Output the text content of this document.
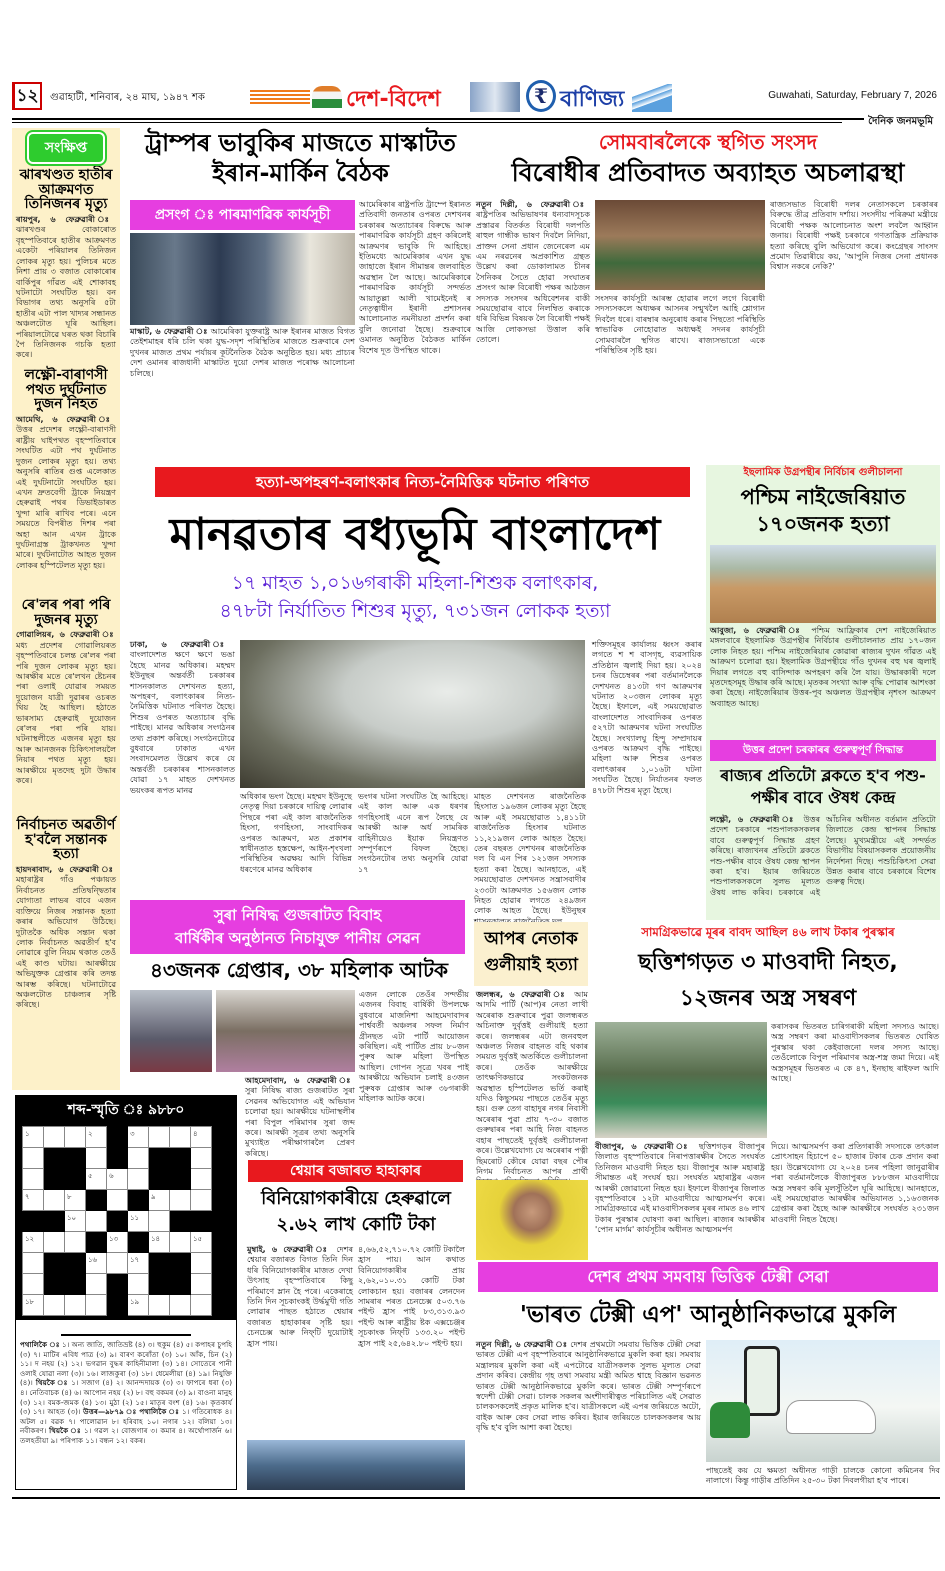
১২	গুৱাহাটী, শনিবাৰ, ২৪ মাঘ, ১৯৪৭ শক	দেশ-বিদেশ	₹ বাণিজ্য	Guwahati, Saturday, February 7, 2026
দৈনিক জনমভূমি
সংক্ষিপ্ত
ঝাৰখণ্ডত হাতীৰ আক্ৰমণত তিনিজনৰ মৃত্যু
ৰায়পুৰ, ৬ ফেব্ৰুৱাৰী ঃ ঝাৰখণ্ডৰ বোকাৰোত বৃহস্পতিবাৰে হাতীৰ আক্ৰমণত একেটা পৰিয়ালৰ তিনিজন লোকৰ মৃত্যু হয়। পুলিচৰ মতে নিশা প্ৰায় ৩ বজাত বোকাৰোৰ বাৰ্কিপুৰ গাঁৱত এই শোকাবহ ঘটনাটো সংঘটিত হয়। বন বিভাগৰ তথ্য অনুসৰি ৫টা হাতীৰ এটা পাল খাদ্যৰ সন্ধানত অঞ্চলটোত ঘূৰি আছিল। পৰিয়ালটোৱে ঘৰত থকা বিচাৰি পৈ তিনিজনক গচকি হত্যা কৰে।
লক্ষ্ণৌ-বাৰাণসী পথত দুৰ্ঘটনাত দুজন নিহত
আমেথি, ৬ ফেব্ৰুৱাৰী ঃ উত্তৰ প্ৰদেশৰ লক্ষ্ণৌ-বাৰাণসী ৰাষ্ট্ৰীয় ঘাইপথত বৃহস্পতিবাৰে সংঘটিত এটা পথ দুৰ্ঘটনাত দুজন লোকৰ মৃত্যু হয়। তথ্য অনুসৰি ৰাতিৰ গুপ্ত এলেকাত এই দুৰ্ঘটনাটো সংঘটিত হয়। এখন দ্ৰুতবেগী ট্ৰাকে নিয়ন্ত্ৰণ হেৰুৱাই পথৰ ডিভাইডাৰত খুন্দা মাৰি ৰাখিব পৰে। এনে সময়তে বিপৰীত দিশৰ পৰা অহা আন এখন ট্ৰাকে দুৰ্ঘটনাগ্ৰস্ত ট্ৰাকখনত খুন্দা মাৰে। দুৰ্ঘটনাটোত আহত দুজন লোকৰ হস্পিটেলত মৃত্যু হয়।
ৰে'লৰ পৰা পৰি দুজনৰ মৃত্যু
গোৱালিয়ৰ, ৬ ফেব্ৰুৱাৰী ঃ মধ্য প্ৰদেশৰ গোৱালিয়ৰত বৃহস্পতিবাৰে চলন্ত ৰে'লৰ পৰা পৰি দুজন লোকৰ মৃত্যু হয়। আৰক্ষীৰ মতে ৰে'লখন ষ্টেচনৰ পৰা ওলাই যোৱাৰ সময়ত দুয়োজন যাত্ৰী দুৱাৰৰ ওচৰত থিয় হৈ আছিল। হঠাতে ভাৰসাম্য হেৰুৱাই দুয়োজন ৰে'লৰ পৰা পৰি যায়। ঘটনাস্থলীতে এজনৰ মৃত্যু হয় আৰু আনজনক চিকিৎসালয়লৈ নিয়াৰ পথত মৃত্যু হয়। আৰক্ষীয়ে মৃতদেহ দুটা উদ্ধাৰ কৰে।
নিৰ্বাচনত অৱতীৰ্ণ হ'বলৈ সন্তানক হত্যা
হায়দৰাবাদ, ৬ ফেব্ৰুৱাৰী ঃ মহাৰাষ্ট্ৰৰ গাঁও পঞ্চায়ত নিৰ্বাচনত প্ৰতিদ্বন্দ্বিতাৰ যোগ্যতা লাভৰ বাবে এজন ব্যক্তিয়ে নিজৰ সন্তানক হত্যা কৰাৰ অভিযোগ উঠিছে। দুটাতকৈ অধিক সন্তান থকা লোক নিৰ্বাচনত অৱতীৰ্ণ হ'ব নোৱাৰে বুলি নিয়ম থকাত তেওঁ এই কাণ্ড ঘটায়। আৰক্ষীয়ে অভিযুক্তক গ্ৰেপ্তাৰ কৰি তদন্ত আৰম্ভ কৰিছে। ঘটনাটোৱে অঞ্চলটোত চাঞ্চল্যৰ সৃষ্টি কৰিছে।
ট্ৰাম্পৰ ভাবুকিৰ মাজতে মাস্কাটত ইৰান-মাৰ্কিন বৈঠক
প্ৰসংগ ঃ পাৰমাণৱিক কাৰ্যসূচী
মাস্কাট, ৬ ফেব্ৰুৱাৰী ঃ আমেৰিকা যুক্তৰাষ্ট্ৰ আৰু ইৰানৰ মাজত বিগত তেইশমাহৰ ধৰি চলি থকা যুদ্ধ-সদৃশ পৰিস্থিতিৰ মাজতে শুক্ৰবাৰে দেশ দুখনৰ মাজত প্ৰথম পৰ্যায়ৰ কূটনৈতিক বৈঠক অনুষ্ঠিত হয়। মধ্য প্ৰাচ্যৰ দেশ ওমানৰ ৰাজধানী মাস্কাটত দুয়ো দেশৰ মাজত পৰোক্ষ আলোচনা চলিছে।
আমেৰিকাৰ ৰাষ্ট্ৰপতি ট্ৰাম্পে ইৰানত প্ৰতিবাদী জনতাৰ ওপৰত দেশখনৰ চৰকাৰৰ অত্যাচাৰৰ বিৰুদ্ধে আৰু পাৰমাণৱিক কাৰ্যসূচী গ্ৰহণ কৰিলেই আক্ৰমণৰ ভাবুকি দি আহিছে। ইতিমধ্যে আমেৰিকাৰ এখন যুদ্ধ জাহাজে ইৰান সীমান্তৰ জলবাহিত অৱস্থান লৈ আছে। আমেৰিকাৰে পাৰমাণৱিক কাৰ্যসূচী সন্দৰ্ভত আয়াতুল্লা আলী খামেইনেই ৰ নেতৃত্বাধীন ইৰানী প্ৰশাসনৰ আলোচনাত নমনীয়তা প্ৰদৰ্শন কৰা বুলি জনোৱা হৈছে। শুক্ৰবাৰে ওমানত অনুষ্ঠিত বৈঠকত মাৰ্কিন বিশেষ দূত উপস্থিত থাকে।
সোমবাৰলৈকে স্থগিত সংসদ
বিৰোধীৰ প্ৰতিবাদত অব্যাহত অচলাৱস্থা
নতুন দিল্লী, ৬ ফেব্ৰুৱাৰী ঃ ৰাষ্ট্ৰপতিৰ অভিভাষণৰ ধন্যবাদসূচক প্ৰস্তাৱৰ বিতৰ্কত বিৰোধী দলপতি ৰাহুল গান্ধীক ভাষণ দিবলৈ নিদিয়া, প্ৰাক্তন সেনা প্ৰধান জেনেৰেল এম এম নৰৱনেৰ অপ্ৰকাশিত গ্ৰন্থত উল্লেখ কৰা ডোকালামত চীনৰ সৈনিকৰ সৈতে হোৱা সংঘাতৰ প্ৰসংগ আৰু বিৰোধী পক্ষৰ আঠজন সদস্যক সংসদৰ অধিবেশনৰ বাকী সময়ছোৱাৰ বাবে নিলম্বিত কৰাকে ধৰি বিভিন্ন বিষয়ক লৈ বিৰোধী পক্ষই আজি লোকসভা উত্তাল কৰি তোলে।
সংসদৰ কাৰ্যসূচী আৰম্ভ হোৱাৰ লগে লগে বিৰোধী সদস্যসকলে অধ্যক্ষৰ আসনৰ সন্মুখলৈ আহি শ্লোগান দিবলৈ ধৰে। বাৰম্বাৰ অনুৰোধ কৰাৰ পিছতো পৰিস্থিতি স্বাভাৱিক নোহোৱাত অধ্যক্ষই সদনৰ কাৰ্যসূচী সোমবাৰলৈ স্থগিত ৰাখে। ৰাজ্যসভাতো একে পৰিস্থিতিৰ সৃষ্টি হয়।
ৰাজ্যসভাত বিৰোধী দলৰ নেতাসকলে চৰকাৰৰ বিৰুদ্ধে তীব্ৰ প্ৰতিবাদ দৰ্শায়। সংসদীয় পৰিক্ৰমা মন্ত্ৰীয়ে বিৰোধী পক্ষক আলোচনাত অংশ লবলৈ আহ্বান জনায়। বিৰোধী পক্ষই চৰকাৰে গণতান্ত্ৰিক প্ৰক্ৰিয়াক হত্যা কৰিছে বুলি অভিযোগ কৰে। কংগ্ৰেছৰ সাংসদ প্ৰমোদ তিৱাৰীয়ে কয়, 'আপুনি নিজৰ সেনা প্ৰধানক বিশ্বাস নকৰে নেকি?'
হত্যা-অপহৰণ-বলাৎকাৰ নিত্য-নৈমিত্তিক ঘটনাত পৰিণত
মানৱতাৰ বধ্যভূমি বাংলাদেশ
১৭ মাহত ১,০১৬গৰাকী মহিলা-শিশুক বলাৎকাৰ,
৪৭৮টা নিৰ্যাতিত শিশুৰ মৃত্যু, ৭৩১জন লোকক হত্যা
ঢাকা, ৬ ফেব্ৰুৱাৰী ঃ বাংলাদেশত ক্ষণে ক্ষণে ভঙা হৈছে মানৱ অধিকাৰ। মহম্মদ ইউনুছৰ অন্তৰ্বৰ্তী চৰকাৰৰ শাসনকালত দেশখনত হত্যা, অপহৰণ, বলাৎকাৰৰ নিত্য-নৈমিত্তিক ঘটনাত পৰিণত হৈছে। শিশুৰ ওপৰত অত্যাচাৰ বৃদ্ধি পাইছে। মানৱ অধিকাৰ সংগঠনৰ তথ্য প্ৰকাশ কৰিছে। সংগঠনটোৱে বুধবাৰে ঢাকাত এখন সংবাদমেলত উল্লেখ কৰে যে অন্তৰ্বৰ্তী চৰকাৰৰ শাসনকালত যোৱা ১৭ মাহত দেশখনত ভয়ংকৰ ৰূপত মানৱ
অধিকাৰ ভংগ হৈছে। মহম্মদ ইউনুছে নেতৃত্ব দিয়া চৰকাৰে দায়িত্ব লোৱাৰ পিছৰে পৰা এই কাল ৰাজনৈতিক হিংসা, গণহিংসা, সাংবাদিকৰ ওপৰত আক্ৰমণ, মত প্ৰকাশৰ স্বাধীনতাত হস্তক্ষেপ, আইন-শৃংখলা পৰিস্থিতিৰ অৱক্ষয় আদি বিভিন্ন ধৰণেৰে মানৱ অধিকাৰ
ভংগৰ ঘটনা সংঘটিত হৈ আহিছে। এই কাল আৰু এক ধৰণৰ গণহিংসাই এনে ৰূপ লৈছে যে আৰক্ষী আৰু অৰ্ধ সামৰিক বাহিনীয়েও ইয়াক নিয়ন্ত্ৰণত সম্পূৰ্ণৰূপে বিফল হৈছে। সংগঠনটোৰ তথ্য অনুসৰি যোৱা ১৭
মাহত দেশখনত ৰাজনৈতিক হিংসাত ১৯৬জন লোকৰ মৃত্যু হৈছে আৰু এই সময়ছোৱাত ১,৪১১টা ৰাজনৈতিক হিংসাৰ ঘটনাত ১১,২১৯জন লোক আহত হৈছে। তেৰ বছৰত দেশখনৰ ৰাজনৈতিক দল বি এন পিৰ ১২১জন সদস্যক হত্যা কৰা হৈছে। আনহাতে, এই সময়ছোৱাত দেশখনত সন্ত্ৰাসবাদীৰ ২৩৩টা আক্ৰমণত ১৫৬জন লোক নিহত হোৱাৰ লগতে ২৪৯জন লোক আহত হৈছে। ইউনুছৰ
শক্তিসমূহৰ কাৰ্যালয় ধ্বংস কৰাৰ লগতে শ শ বাসগৃহ, ব্যৱসায়িক প্ৰতিষ্ঠান জ্বলাই দিয়া হয়। ২০২৪ চনৰ ডিচেম্বৰৰ পৰা বৰ্তমানলৈকে দেশখনত ৪১৩টা গণ আক্ৰমণৰ ঘটনাত ২০৩জন লোকৰ মৃত্যু হৈছে। ইফালে, এই সময়ছোৱাত বাংলাদেশত সাংবাদিকৰ ওপৰত ৫২৭টা আক্ৰমণৰ ঘটনা সংঘটিত হৈছে। সংখ্যালঘু হিন্দু সম্প্ৰদায়ৰ ওপৰত আক্ৰমণ বৃদ্ধি পাইছে। মহিলা আৰু শিশুৰ ওপৰত বলাৎকাৰৰ ১,০১৬টা ঘটনা সংঘটিত হৈছে। নিৰ্যাতনৰ ফলত ৪৭৮টা শিশুৰ মৃত্যু হৈছে।
ইছলামিক উগ্ৰপন্থীৰ নিৰ্বিচাৰ গুলীচালনা
পশ্চিম নাইজেৰিয়াত ১৭০জনক হত্যা
আবুজা, ৬ ফেব্ৰুৱাৰী ঃ পশ্চিম আফ্ৰিকাৰ দেশ নাইজেৰিয়াত মঙ্গলবাৰে ইছলামিক উগ্ৰপন্থীৰ নিৰ্বিচাৰ গুলীচালনাত প্ৰায় ১৭০জন লোক নিহত হয়। পশ্চিম নাইজেৰিয়াৰ কোৱাৰা ৰাজ্যৰ দুখন গাঁৱত এই আক্ৰমণ চলোৱা হয়। ইছলামিক উগ্ৰপন্থীয়ে গাঁও দুখনৰ বহু ঘৰ জ্বলাই দিয়াৰ লগতে বহু বাসিন্দাক অপহৰণ কৰি লৈ যায়। উদ্ধাৰকাৰী দলে মৃতদেহসমূহ উদ্ধাৰ কৰি আছে। মৃতকৰ সংখ্যা আৰু বৃদ্ধি পোৱাৰ আশংকা কৰা হৈছে। নাইজেৰিয়াৰ উত্তৰ-পূব অঞ্চলত উগ্ৰপন্থীৰ নৃশংস আক্ৰমণ অব্যাহত আছে।
উত্তৰ প্ৰদেশ চৰকাৰৰ গুৰুত্বপূৰ্ণ সিদ্ধান্ত
ৰাজ্যৰ প্ৰতিটো ব্লকতে হ'ব পশু-পক্ষীৰ বাবে ঔষধ কেন্দ্ৰ
লক্ষ্ণৌ, ৬ ফেব্ৰুৱাৰী ঃ উত্তৰ প্ৰদেশ চৰকাৰে পশুপালকসকলৰ বাবে গুৰুত্বপূৰ্ণ সিদ্ধান্ত গ্ৰহণ কৰিছে। ৰাজ্যখনৰ প্ৰতিটো ব্লকতে পশু-পক্ষীৰ বাবে ঔষধ কেন্দ্ৰ স্থাপন কৰা হ'ব। ইয়াৰ জৰিয়তে পশুপালকসকলে সুলভ মূল্যত ঔষধ লাভ কৰিব। চৰকাৰে এই আঁচনিৰ অধীনত বৰ্তমান প্ৰতিটো জিলাতে কেন্দ্ৰ স্থাপনৰ সিদ্ধান্ত লৈছে। মুখ্যমন্ত্ৰীয়ে এই সন্দৰ্ভত বিভাগীয় বিষয়াসকলক প্ৰয়োজনীয় নিৰ্দেশনা দিছে। পশুচিকিৎসা সেৱা উন্নত কৰাৰ বাবে চৰকাৰে বিশেষ গুৰুত্ব দিছে।
সুৰা নিষিদ্ধ গুজৰাটত বিবাহ
বাৰ্ষিকীৰ অনুষ্ঠানত নিচাযুক্ত পানীয় সেৱন
৪৩জনক গ্ৰেপ্তাৰ, ৩৮ মহিলাক আটক
এজন লোকে তেওঁৰ সন্দৰ্ভীয় এজনৰ বিবাহ বাৰ্ষিকী উপলক্ষে বুধবাৰে মাজনিশা আহমেদাবাদৰ পাৰ্শ্ববৰ্তী অঞ্চলৰ সফল নিৰ্মাণ গ্ৰীনছত এটা পাৰ্টি আয়োজন কৰিছিল। এই পাৰ্টিত প্ৰায় ৮০জন পুৰুষ আৰু মহিলা উপস্থিত আছিল। গোপন সূত্ৰে খবৰ পাই আৰক্ষীয়ে অভিযান চলাই ৪৩জন পুৰুষক গ্ৰেপ্তাৰ আৰু ৩৮গৰাকী মহিলাক আটক কৰে।
আহমেদাবাদ, ৬ ফেব্ৰুৱাৰী ঃ সুৰা নিষিদ্ধ ৰাজ্য গুজৰাটত সুৰা সেৱনৰ অভিযোগত এই অভিযান চলোৱা হয়। আৰক্ষীয়ে ঘটনাস্থলীৰ পৰা বিপুল পৰিমাণৰ সুৰা জব্দ কৰে। আৰক্ষী সূত্ৰৰ তথ্য অনুসৰি মুখ্যাইত পৰীক্ষাগাৰলৈ প্ৰেৰণ কৰিছে।
আপৰ নেতাক গুলীয়াই হত্যা
জলন্ধৰ, ৬ ফেব্ৰুৱাৰী ঃ আম আদমি পাৰ্টি (আপ)ৰ নেতা লাখী অৰেৰাক শুক্ৰবাৰে পুৱা জলন্ধৰত অচিনাক্ত দুৰ্বৃত্তই গুলীয়াই হত্যা কৰে। জলন্ধৰৰ এটা জনবহুল অঞ্চলত নিজৰ বাহনত বহি থকাৰ সময়ত দুৰ্বৃত্তই অতৰ্কিতে গুলীচালনা কৰে। তেওঁক আৰক্ষীয়ে তাৎক্ষণিকভাৱে সংকটজনক অৱস্থাত হস্পিটেলত ভৰ্তি কৰাই যদিও কিছুসময় পাছতে তেওঁৰ মৃত্যু হয়। গুৰু তেগ বাহাদুৰ নগৰ নিবাসী অৰেৰাৰ পুৱা প্ৰায় ৭-৩০ বজাত গুৰুদ্বাৰৰ পৰা আহি নিজ বাহনত বহাৰ পাছতেই দুৰ্বৃত্তই গুলীচালনা কৰে। উল্লেখযোগ্য যে অৰেৰাৰ পত্নী ছিমৰোট কৌৰে যোৱা বছৰ পৌৰ নিগম নিৰ্বাচনত আপৰ প্ৰাৰ্থী
শব্দ-স্মৃতি ঃ ৯৮৮০
১			২		৩			৪

			৫	৬				
৭		৮				৯		
		১০			১১			
১২				১৩		১৪		১৫
			১৬		১৭			

১৮					১৯			
পথালিকৈ ঃ ১। অন্য জাতি, জাতিভ্ৰষ্ট (৪) ৩। হুকুম (৪) ৫। কপাহৰ চুপহি (৩) ৭। মাটিৰ এবিধ পাত্ৰ (৩) ৯। বাৰণ কৰোঁতা (৩) ১০। আঁক, চিন (২) ১১। দ নহয় (২) ১২। ভগৱান বুদ্ধৰ কাহিনীমালা (৩) ১৪। সোতেৰে পানী ওলাই যোৱা নলা (৩)। ১৬। লাজকুৰা (৩) ১৮। ধেমেলীয়া (৪) ১৯। নিযুক্তি (৪)। থিয়কৈ ঃ ১। সজাগ (৪) ২। আনন্দদায়ক (৩) ৩। ফাপৰে ধৰা (৩) ৪। নেতিবাচক (৪) ৬। আপোন নহয় (২) ৮। বহু বকমৰ (৩) ৯। বাওনা মানুহ (৩) ১২। বমক-জমক (৪) ১৩। মুঠা (২) ১৫। মাতৃৰ বংশ (৪) ১৬। কৃতকাৰ্য (৩) ১৭। আহত (৩)। উত্তৰ—৯৮৭৯ ঃ পথালিকৈ ঃ ১। গতিৰোধক ৪। অটল ৫। বৱক ৭। পালোৱান ৮। হৰিবাহ ১০। নগাৰ ১২। বলিয়া ১৩। নবীকৰণ। থিয়কৈ ঃ ১। গৱল ২। বোজগাৰ ৩। কমাৰ ৪। অৰ্থোপাৰ্জন ৬। তলহতীয়া ৯। পৰিপাক ১১। বন্ধন ১২। বকৰ।
শ্বেয়াৰ বজাৰত হাহাকাৰ
বিনিয়োগকাৰীয়ে হেৰুৱালে
২.৬২ লাখ কোটি টকা
মুম্বাই, ৬ ফেব্ৰুৱাৰী ঃ দেশৰ শ্বেয়াৰ বজাৰত বিগত তিনি দিন ধৰি বিনিয়োগকাৰীৰ মাজত দেখা উৎসাহ বৃহস্পতিবাৰে কিছু পৰিমাণে ম্লান হৈ পৰে। একেৰাহে তিনি দিন সূচকাংকই উৰ্দ্ধমুখী গতি লোৱাৰ পাছত হঠাতে শ্বেয়াৰ বজাৰত হাহাকাৰৰ সৃষ্টি হয়। চেনচেক্স আৰু নিফ্‌টি দুয়োটাই হ্ৰাস পায়।
৪,৬৬,৫২,৭১০.৭২ কোটি টকালৈ হ্ৰাস পায়। আন কথাত বিনিয়োগকাৰীৰ প্ৰায় ২,৬২,০১০.৩১ কোটি টকা লোকচান হয়। বজাৰৰ লেনদেন সামৰাৰ পৰত চেনচেক্স ৫০৩.৭৬ পইণ্ট হ্ৰাস পাই ৮৩,৩১৩.৯৩ পইণ্ট আৰু ৰাষ্ট্ৰীয় ষ্টক এক্সচেঞ্জৰ সূচকাংক নিফ্‌টি ১৩৩.২০ পইণ্ট হ্ৰাস পাই ২৫,৬৪২.৮০ পইণ্ট হয়।
সামগ্ৰিকভাৱে মূৰৰ বাবদ আছিল ৪৬ লাখ টকাৰ পুৰস্কাৰ
ছত্তিশগড়ত ৩ মাওবাদী নিহত,
১২জনৰ অস্ত্ৰ সম্বৰণ
কৰাসকৰ ভিতৰত চাৰিগৰাকী মহিলা সদস্যও আছে। অস্ত্ৰ সম্বৰণ কৰা মাওবাদীসকলৰ ভিতৰত ঘোষিত পুৰস্কাৰ থকা কেইবাজনো দলৰ সদস্য আছে। তেওঁলোকে বিপুল পৰিমাণৰ অস্ত্ৰ-শস্ত্ৰ জমা দিয়ে। এই অস্ত্ৰসমূহৰ ভিতৰত এ কে ৪৭, ইনছাছ ৰাইফল আদি আছে।
বীজাপুৰ, ৬ ফেব্ৰুৱাৰী ঃ ছত্তিশগড়ৰ বীজাপুৰ জিলাত বৃহস্পতিবাৰে নিৰাপত্তাৰক্ষীৰ সৈতে সংঘৰ্ষত তিনিজন মাওবাদী নিহত হয়। বীজাপুৰ আৰু মহাৰাষ্ট্ৰ সীমান্তত এই সংঘৰ্ষ হয়। সংঘৰ্ষত মহাৰাষ্ট্ৰৰ এজন আৰক্ষী জোৱানো নিহত হয়। ইফালে বীজাপুৰ জিলাত বৃহস্পতিবাৰে ১২টা মাওবাদীয়ে আত্মসমৰ্পণ কৰে। সামগ্ৰিকভাৱে এই মাওবাদীসকলৰ মূৰৰ নামত ৪৬ লাখ টকাৰ পুৰস্কাৰ ঘোষণা কৰা আছিল। ৰাজ্যৰ আৰক্ষীৰ 'পোন মাৰ্গম' কাৰ্যসূচীৰ অধীনত আত্মসমৰ্পণ
দিয়ে। আত্মসমৰ্পণ কৰা প্ৰতিগৰাকী সদস্যকে তৎকাল প্ৰোৎসাহন হিচাপে ৫০ হাজাৰ টকাৰ চেক প্ৰদান কৰা হয়। উল্লেখযোগ্য যে ২০২৪ চনৰ পহিলা জানুৱাৰীৰ পৰা বৰ্তমানলৈকে বীজাপুৰত ৮৮৮জন মাওবাদীয়ে অস্ত্ৰ সম্বৰণ কৰি মূলসুঁতিলৈ ঘূৰি আহিছে। আনহাতে, এই সময়ছোৱাত আৰক্ষীৰ অভিযানত ১,১৬৩জনক গ্ৰেপ্তাৰ কৰা হৈছে আৰু আৰক্ষীৰে সংঘৰ্ষত ২৩১জন মাওবাদী নিহত হৈছে।
দেশৰ প্ৰথম সমবায় ভিত্তিক টেক্সী সেৱা
'ভাৰত টেক্সী এপ' আনুষ্ঠানিকভাৱে মুকলি
নতুন দিল্লী, ৬ ফেব্ৰুৱাৰী ঃ দেশৰ প্ৰথমটো সমবায় ভিত্তিক টেক্সী সেৱা ভাৰত টেক্সী এপ বৃহস্পতিবাৰে আনুষ্ঠানিকভাৱে মুকলি কৰা হয়। সমবায় মন্ত্ৰালয়ৰ মুকলি কৰা এই এপটোৱে যাত্ৰীসকলক সুলভ মূল্যত সেৱা প্ৰদান কৰিব। কেন্দ্ৰীয় গৃহ তথা সমবায় মন্ত্ৰী অমিত শ্বাহে বিজ্ঞান ভৱনত ভাৰত টেক্সী আনুষ্ঠানিকভাৱে মুকলি কৰে। ভাৰত টেক্সী সম্পূৰ্ণৰূপে স্বদেশী টেক্সী সেৱা। চালক সকলৰ অংশীদাৰীত্বত পৰিচালিত এই সেৱাত চালকসকলেই প্ৰকৃত মালিক হ'ব। যাত্ৰীসকলে এই এপৰ জৰিয়তে অটো, বাইক আৰু কেব সেৱা লাভ কৰিব। ইয়াৰ জৰিয়তে চালকসকলৰ আয় বৃদ্ধি হ'ব বুলি আশা কৰা হৈছে।
পাছতেই কয় যে ক্ষমতা অধীনত গাড়ী চালকে কোনো কমিচনৰ দিব নালাগে। কিন্তু গাড়ীৰ প্ৰতিদিন ২৫-৩০ টকা দিবলগীয়া হ'ব পাৰে।
